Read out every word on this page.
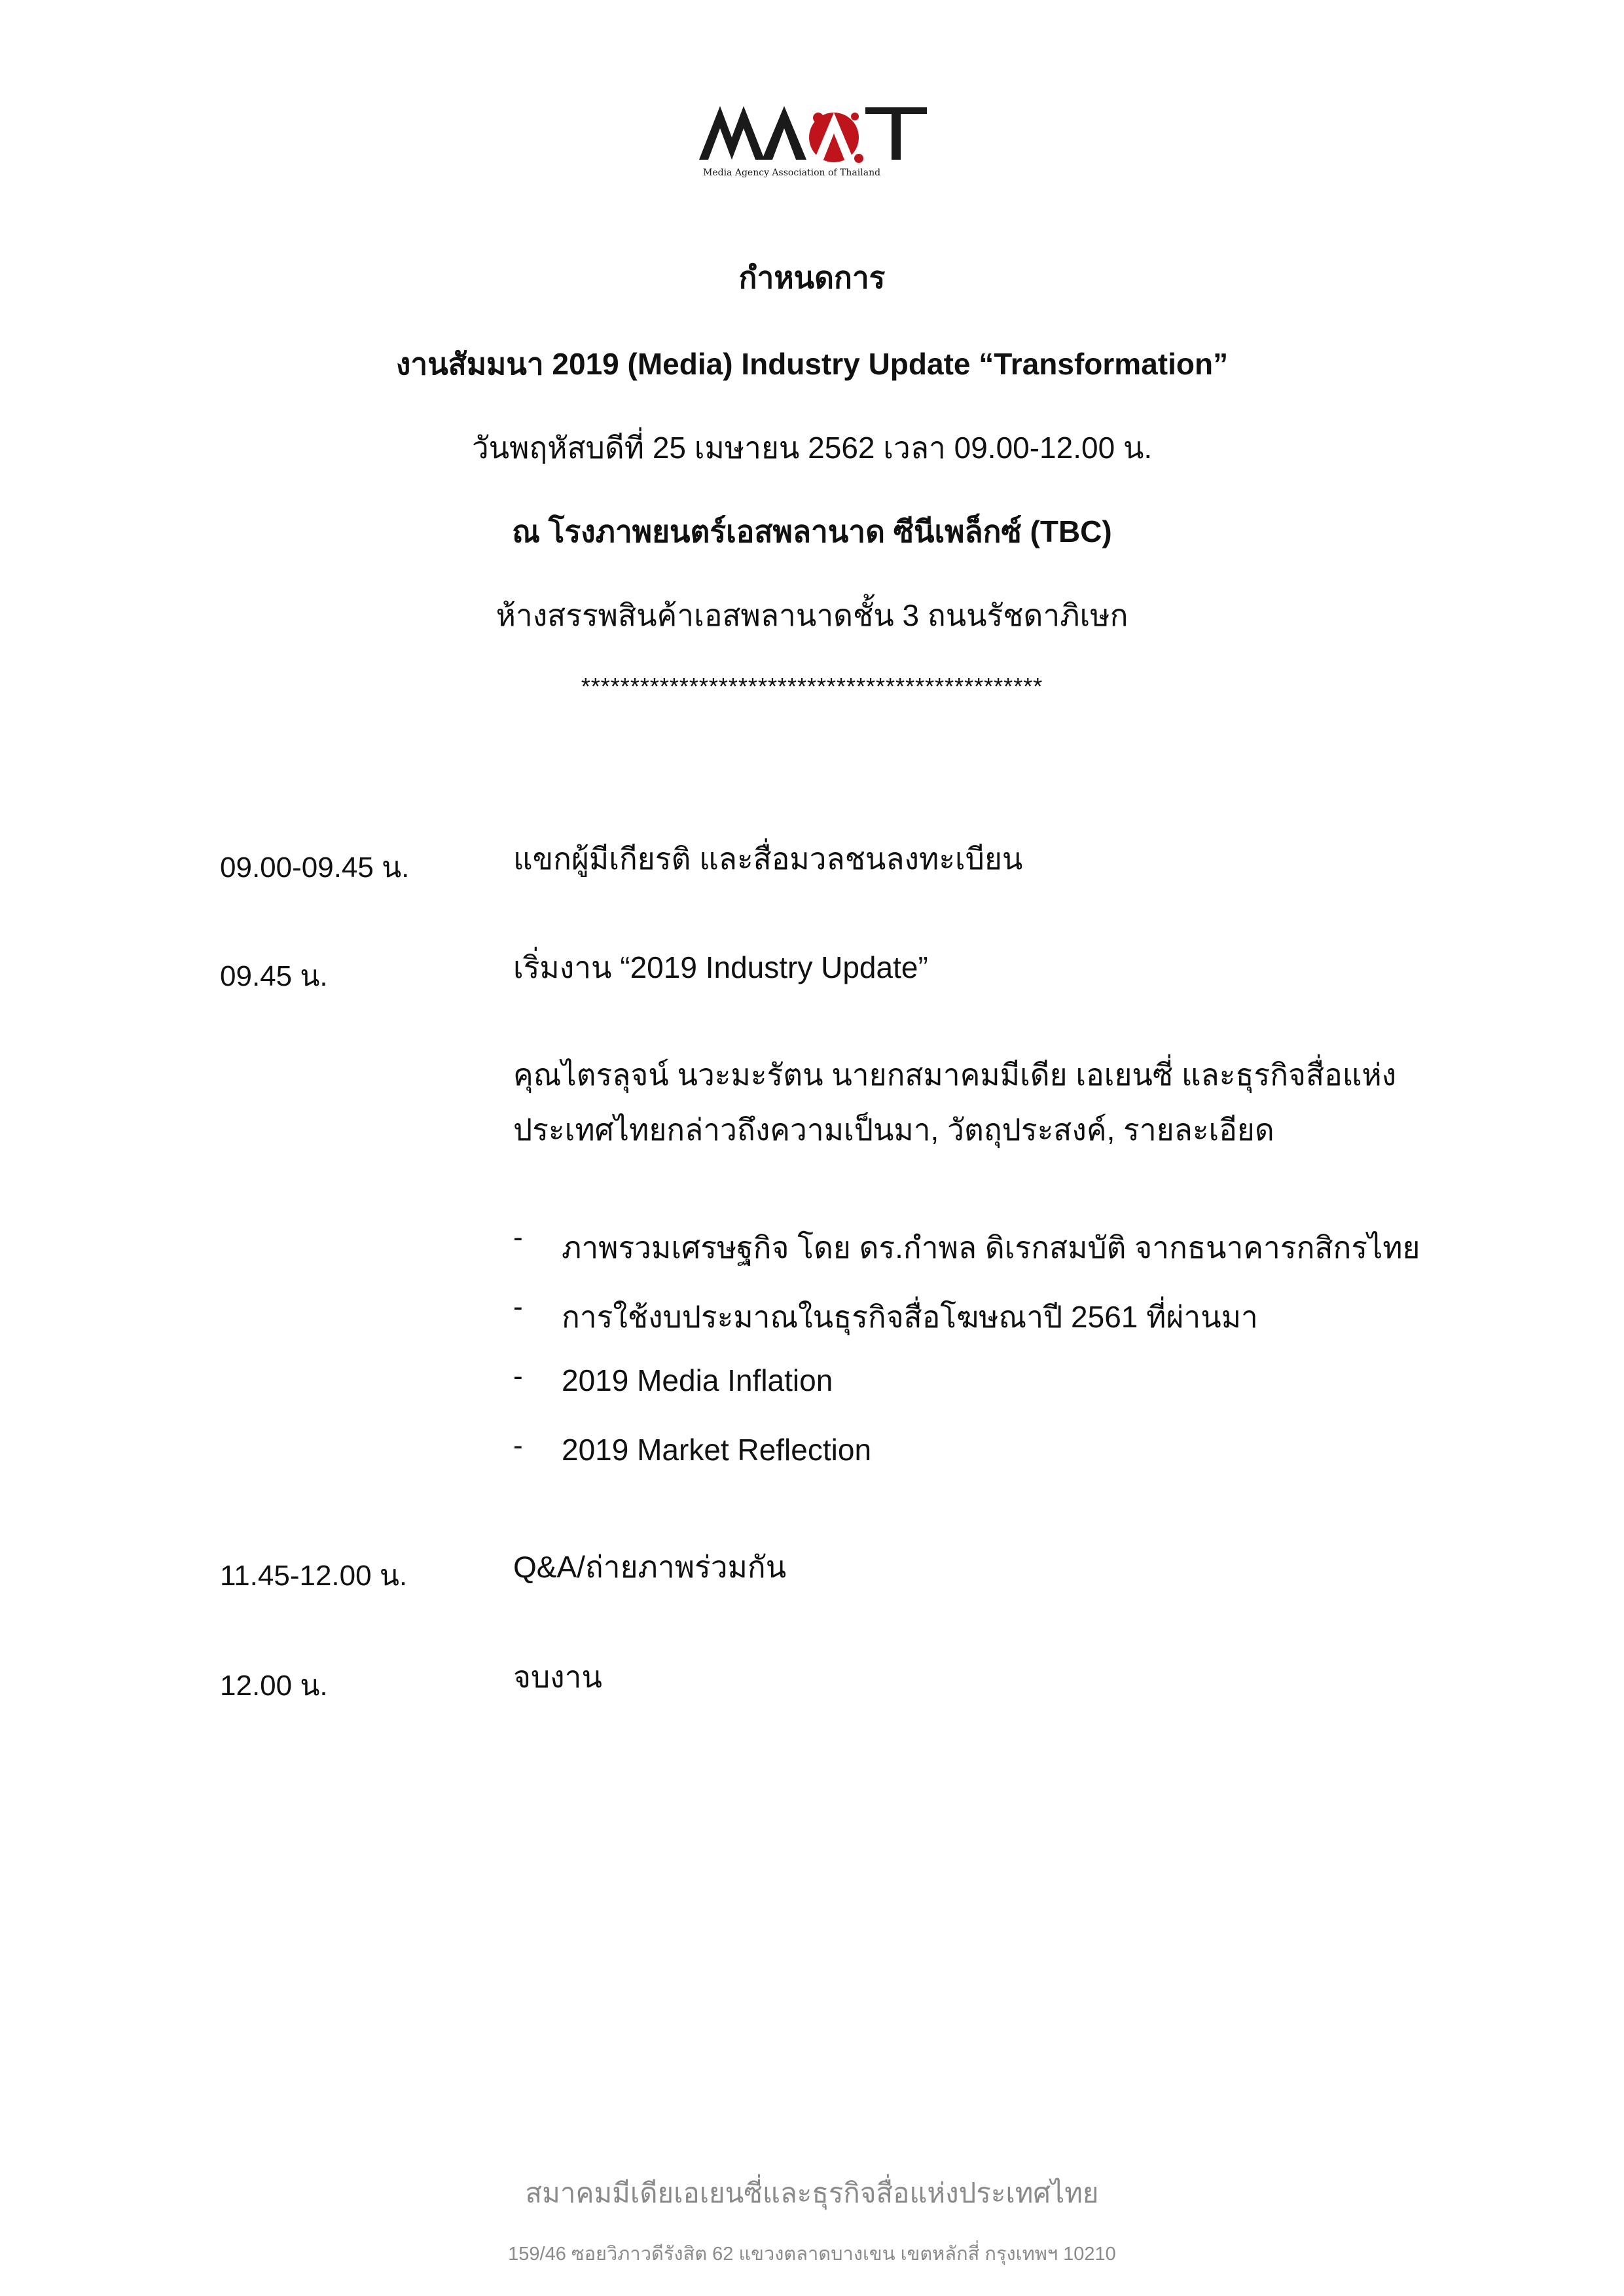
Media Agency Association of Thailand
กำหนดการ
งานสัมมนา 2019 (Media) Industry Update “Transformation”
วันพฤหัสบดีที่ 25 เมษายน 2562 เวลา 09.00-12.00 น.
ณ โรงภาพยนตร์เอสพลานาด ซีนีเพล็กซ์ (TBC)
ห้างสรรพสินค้าเอสพลานาดชั้น 3 ถนนรัชดาภิเษก
***********************************************
09.00-09.45 น.	แขกผู้มีเกียรติ และสื่อมวลชนลงทะเบียน
09.45 น.	เริ่มงาน “2019 Industry Update”
คุณไตรลุจน์ นวะมะรัตน นายกสมาคมมีเดีย เอเยนซี่ และธุรกิจสื่อแห่ง
ประเทศไทยกล่าวถึงความเป็นมา, วัตถุประสงค์, รายละเอียด
- ภาพรวมเศรษฐกิจ โดย ดร.กำพล ดิเรกสมบัติ จากธนาคารกสิกรไทย
- การใช้งบประมาณในธุรกิจสื่อโฆษณาปี 2561 ที่ผ่านมา
- 2019 Media Inflation
- 2019 Market Reflection
11.45-12.00 น.	Q&A/ถ่ายภาพร่วมกัน
12.00 น.	จบงาน
สมาคมมีเดียเอเยนซี่และธุรกิจสื่อแห่งประเทศไทย
159/46 ซอยวิภาวดีรังสิต 62 แขวงตลาดบางเขน เขตหลักสี่ กรุงเทพฯ 10210
